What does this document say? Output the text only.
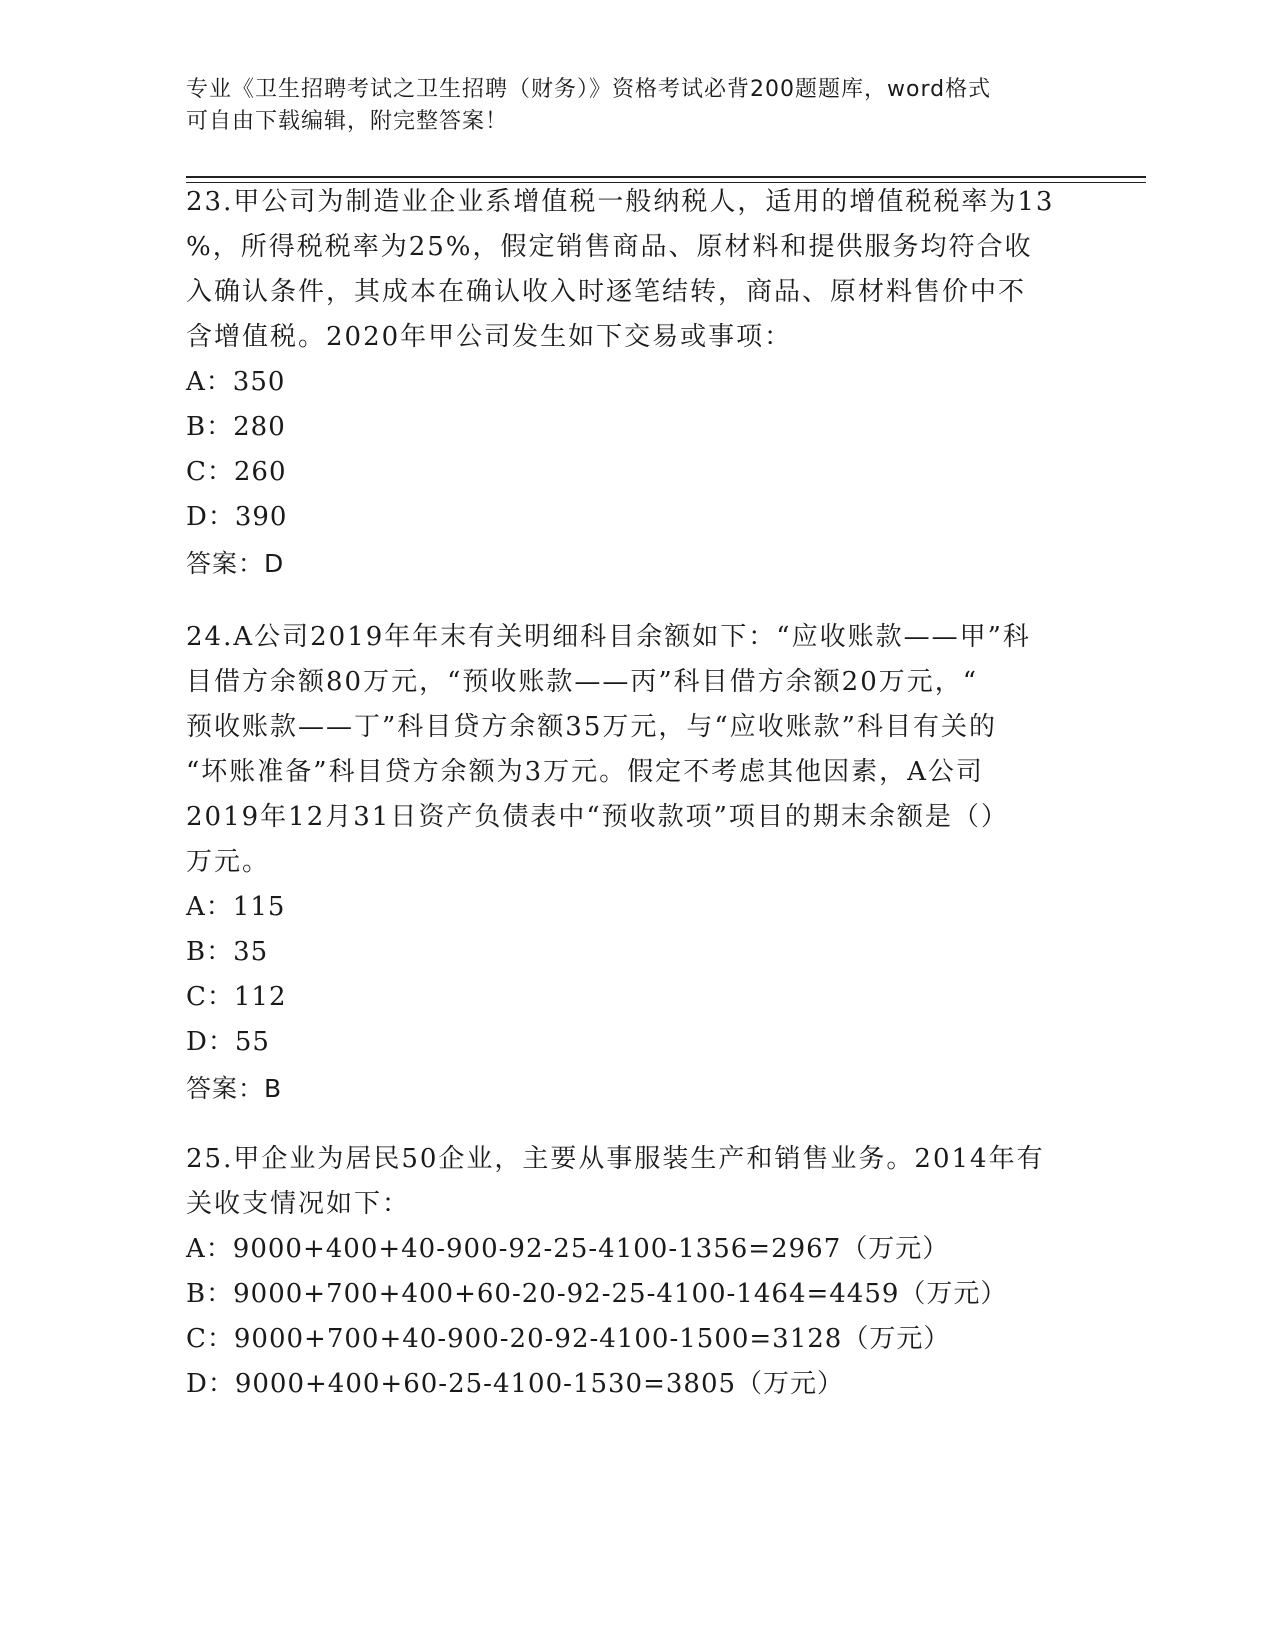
专业《卫生招聘考试之卫生招聘（财务）》资格考试必背200题题库，word格式
可自由下载编辑，附完整答案！
23.甲公司为制造业企业系增值税一般纳税人，适用的增值税税率为13
%，所得税税率为25%，假定销售商品、原材料和提供服务均符合收
入确认条件，其成本在确认收入时逐笔结转，商品、原材料售价中不
含增值税。2020年甲公司发生如下交易或事项：
A：350
B：280
C：260
D：390
答案：D
24.A公司2019年年末有关明细科目余额如下：“应收账款——甲”科
目借方余额80万元，“预收账款——丙”科目借方余额20万元，“
预收账款——丁”科目贷方余额35万元，与“应收账款”科目有关的
“坏账准备”科目贷方余额为3万元。假定不考虑其他因素，A公司
2019年12月31日资产负债表中“预收款项”项目的期末余额是（）
万元。
A：115
B：35
C：112
D：55
答案：B
25.甲企业为居民50企业，主要从事服装生产和销售业务。2014年有
关收支情况如下：
A：9000+400+40-900-92-25-4100-1356=2967（万元）
B：9000+700+400+60-20-92-25-4100-1464=4459（万元）
C：9000+700+40-900-20-92-4100-1500=3128（万元）
D：9000+400+60-25-4100-1530=3805（万元）
